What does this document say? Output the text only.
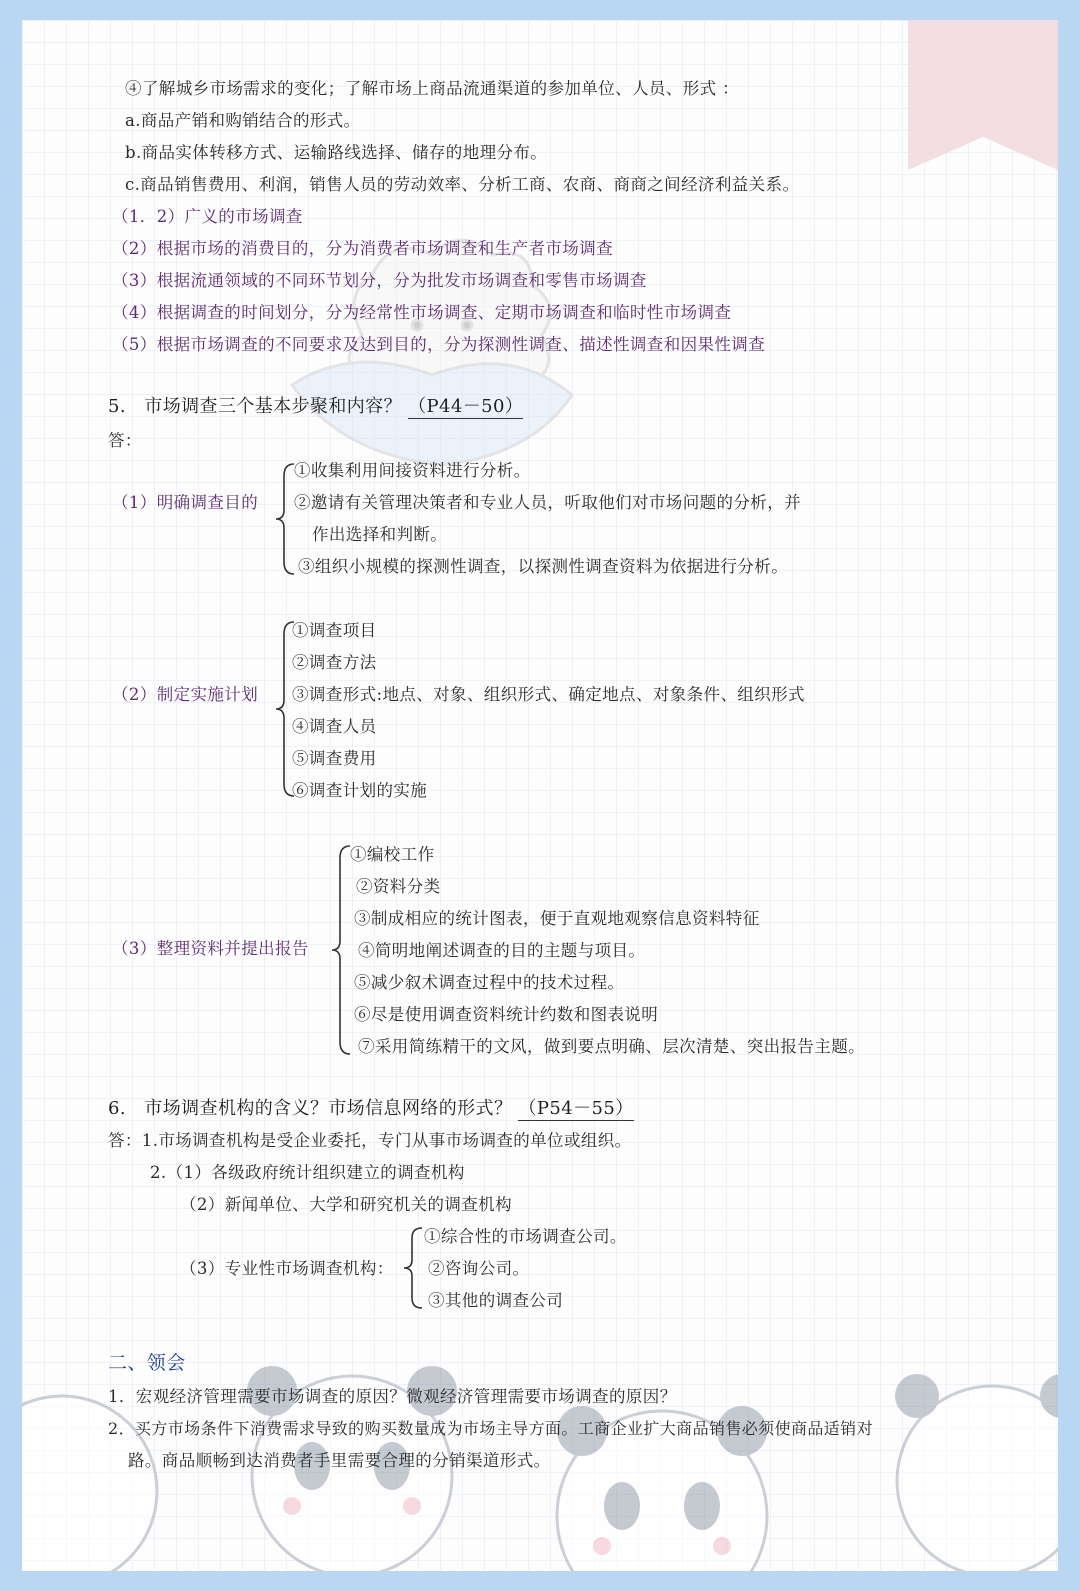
④了解城乡市场需求的变化；了解市场上商品流通渠道的参加单位、人员、形式 ：
a.商品产销和购销结合的形式。
b.商品实体转移方式、运输路线选择、储存的地理分布。
c.商品销售费用、利润，销售人员的劳动效率、分析工商、农商、商商之间经济利益关系。
（1．2）广义的市场调查
（2）根据市场的消费目的，分为消费者市场调查和生产者市场调查
（3）根据流通领域的不同环节划分，分为批发市场调查和零售市场调查
（4）根据调查的时间划分，分为经常性市场调查、定期市场调查和临时性市场调查
（5）根据市场调查的不同要求及达到目的，分为探测性调查、描述性调查和因果性调查
5. 市场调查三个基本步聚和内容？ （P44－50）
答：
（1）明确调查目的
①收集利用间接资料进行分析。
②邀请有关管理决策者和专业人员，听取他们对市场问题的分析，并
作出选择和判断。
③组织小规模的探测性调查，以探测性调查资料为依据进行分析。
（2）制定实施计划
①调查项目
②调查方法
③调查形式:地点、对象、组织形式、确定地点、对象条件、组织形式
④调查人员
⑤调查费用
⑥调查计划的实施
（3）整理资料并提出报告
①编校工作
②资料分类
③制成相应的统计图表，便于直观地观察信息资料特征
④简明地阐述调查的目的主题与项目。
⑤减少叙术调查过程中的技术过程。
⑥尽是使用调查资料统计约数和图表说明
⑦采用简练精干的文风，做到要点明确、层次清楚、突出报告主题。
6. 市场调查机构的含义？市场信息网络的形式？ （P54－55）
答：1.市场调查机构是受企业委托，专门从事市场调查的单位或组织。
2.（1）各级政府统计组织建立的调查机构
（2）新闻单位、大学和研究机关的调查机构
（3）专业性市场调查机构：
①综合性的市场调查公司。
②咨询公司。
③其他的调查公司
二、领会
1．宏观经济管理需要市场调查的原因？微观经济管理需要市场调查的原因？
2．买方市场条件下消费需求导致的购买数量成为市场主导方面。工商企业扩大商品销售必须使商品适销对
路。商品顺畅到达消费者手里需要合理的分销渠道形式。
